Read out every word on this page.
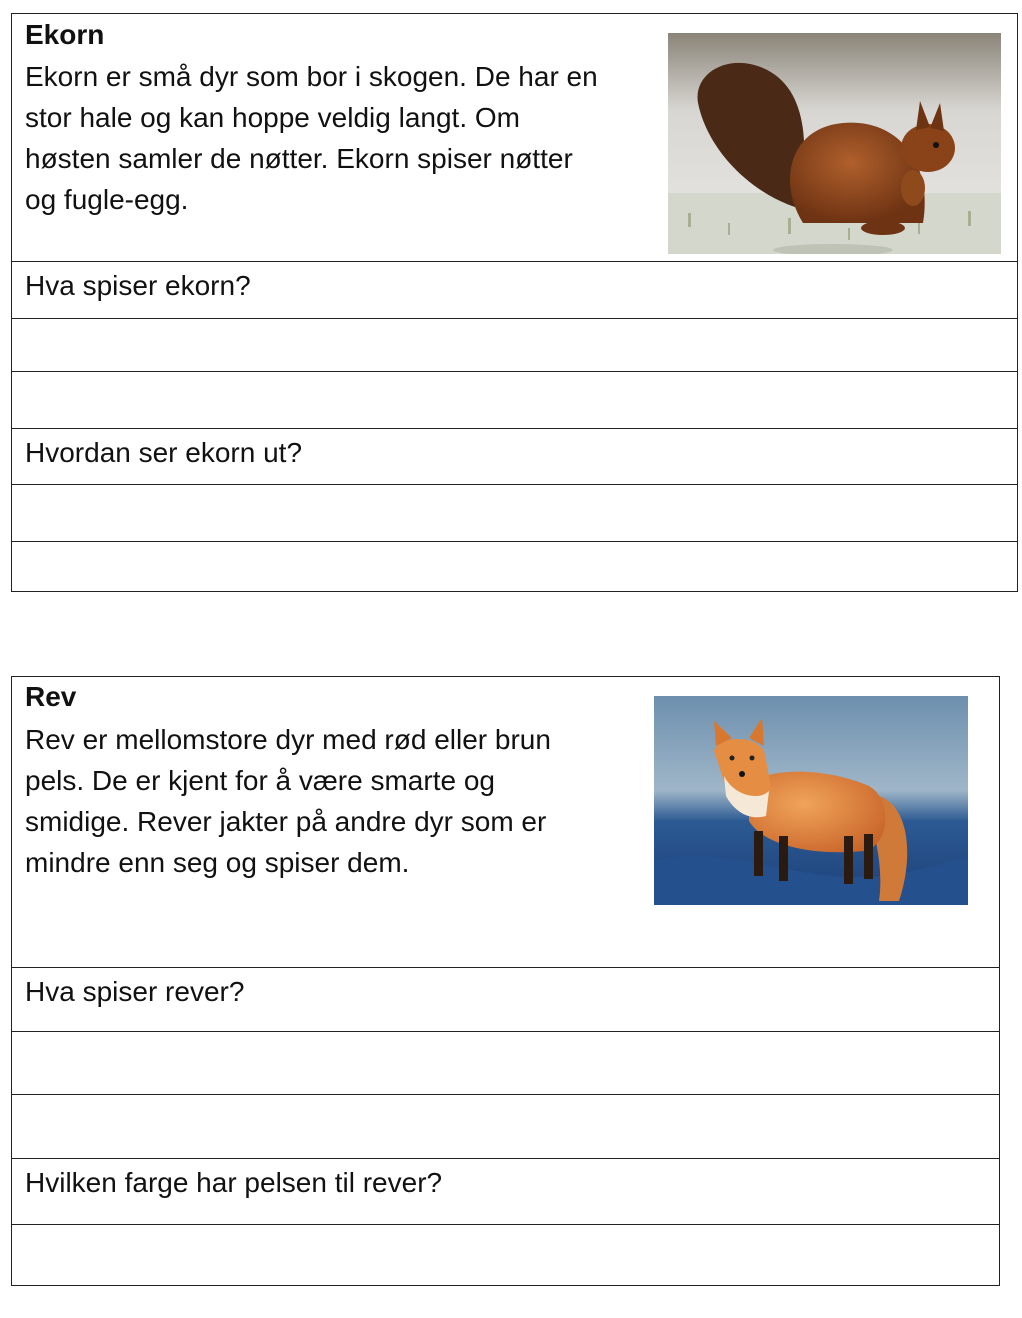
Ekorn
Ekorn er små dyr som bor i skogen. De har en
stor hale og kan hoppe veldig langt. Om
høsten samler de nøtter. Ekorn spiser nøtter
og fugle-egg.
Hva spiser ekorn?
Hvordan ser ekorn ut?
Rev
Rev er mellomstore dyr med rød eller brun
pels. De er kjent for å være smarte og
smidige. Rever jakter på andre dyr som er
mindre enn seg og spiser dem.
Hva spiser rever?
Hvilken farge har pelsen til rever?
